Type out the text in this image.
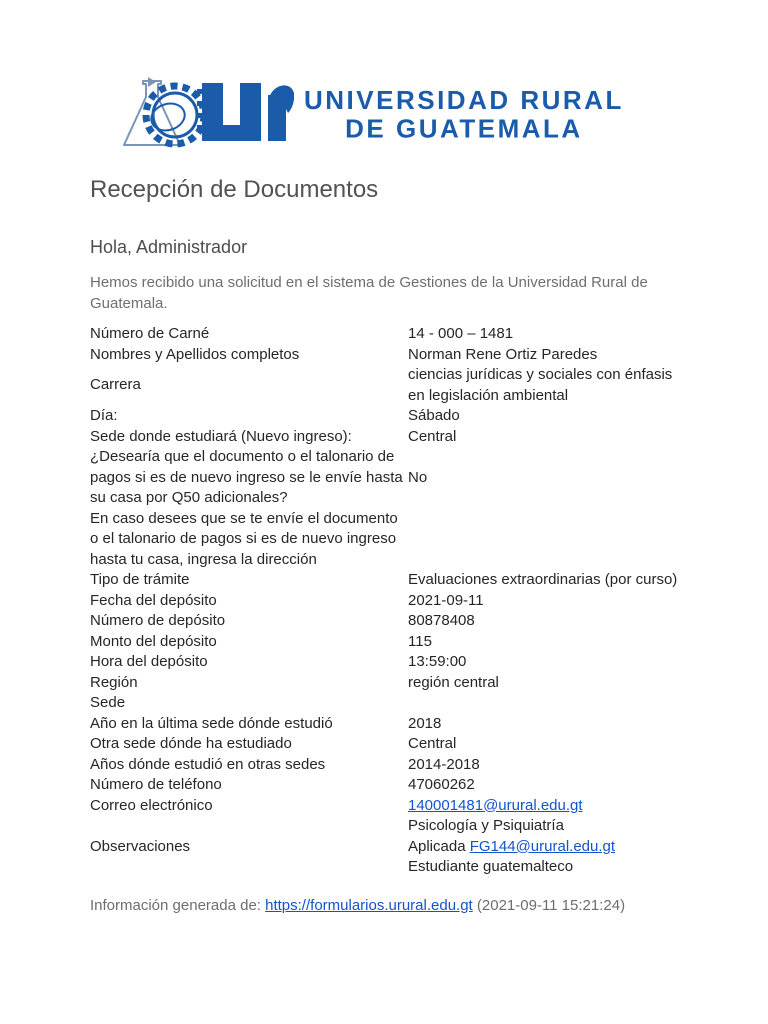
UNIVERSIDAD RURAL
DE GUATEMALA
Recepción de Documentos
Hola, Administrador

Hemos recibido una solicitud en el sistema de Gestiones de la Universidad Rural de Guatemala.

Número de Carné	14 - 000 – 1481
Nombres y Apellidos completos	Norman Rene Ortiz Paredes
Carrera	ciencias jurídicas y sociales con énfasis en legislación ambiental
Día:	Sábado
Sede donde estudiará (Nuevo ingreso):	Central
¿Desearía que el documento o el talonario de pagos si es de nuevo ingreso se le envíe hasta su casa por Q50 adicionales?	No
En caso desees que se te envíe el documento o el talonario de pagos si es de nuevo ingreso hasta tu casa, ingresa la dirección	
Tipo de trámite	Evaluaciones extraordinarias (por curso)
Fecha del depósito	2021-09-11
Número de depósito	80878408
Monto del depósito	115
Hora del depósito	13:59:00
Región	región central
Sede	
Año en la última sede dónde estudió	2018
Otra sede dónde ha estudiado	Central
Años dónde estudió en otras sedes	2014-2018
Número de teléfono	47060262
Correo electrónico	140001481@urural.edu.gt
Observaciones	Psicología y Psiquiatría
Aplicada FG144@urural.edu.gt
Estudiante guatemalteco

Información generada de: https://formularios.urural.edu.gt (2021-09-11 15:21:24)
